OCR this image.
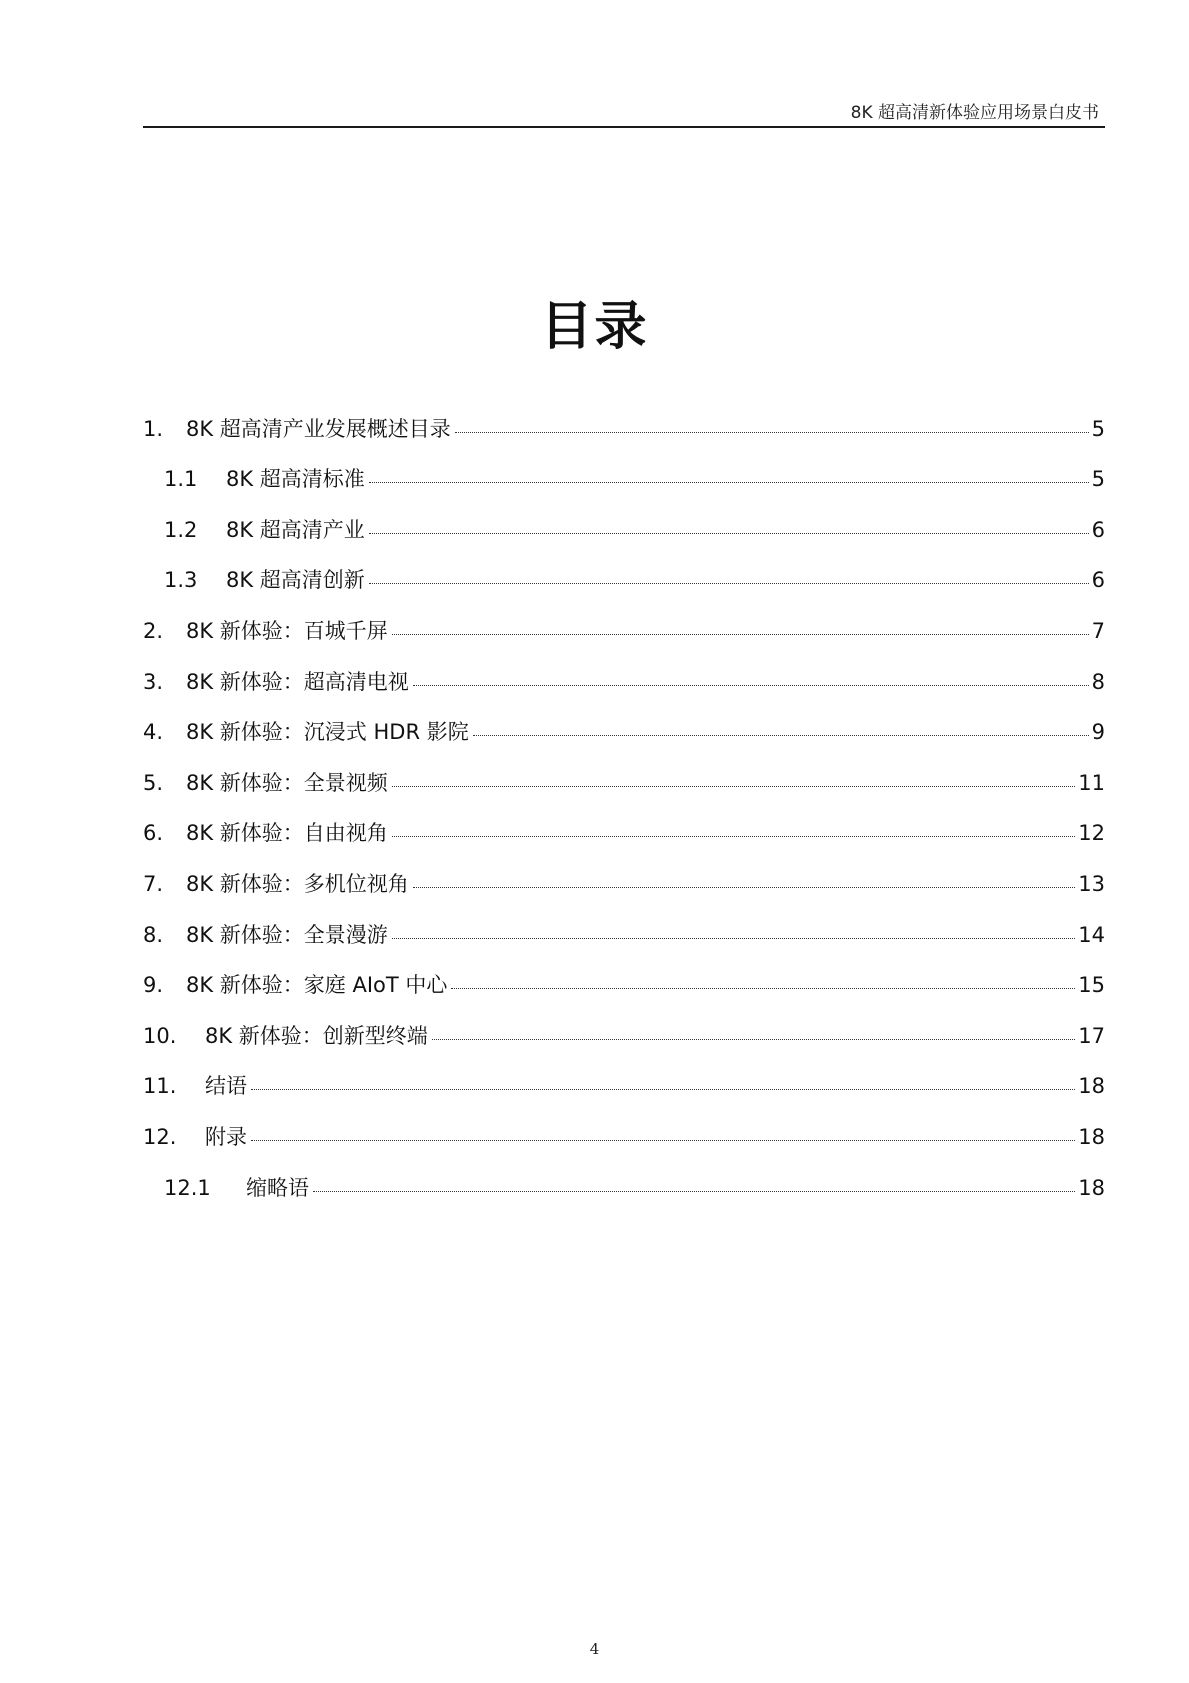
8K 超高清新体验应用场景白皮书
目录
1.	8K 超高清产业发展概述目录	5
1.1	8K 超高清标准	5
1.2	8K 超高清产业	6
1.3	8K 超高清创新	6
2.	8K 新体验：百城千屏	7
3.	8K 新体验：超高清电视	8
4.	8K 新体验：沉浸式 HDR 影院	9
5.	8K 新体验：全景视频	11
6.	8K 新体验：自由视角	12
7.	8K 新体验：多机位视角	13
8.	8K 新体验：全景漫游	14
9.	8K 新体验：家庭 AIoT 中心	15
10.	8K 新体验：创新型终端	17
11.	结语	18
12.	附录	18
12.1	缩略语	18
4
